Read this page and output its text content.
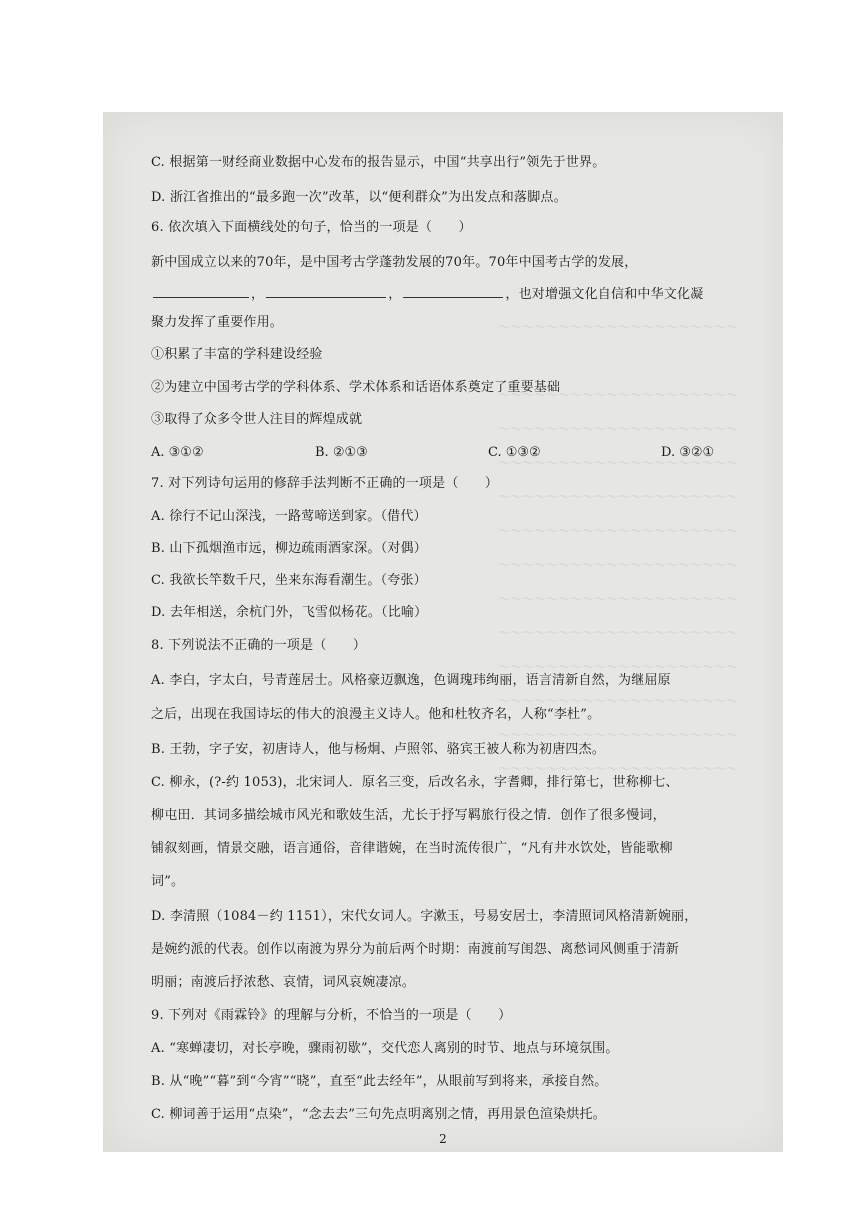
～～～～～～～～～～～～～～～～～～～～

～～～～～～～～～～～～～～～～～～～～
～～～～～～～～～～～～～～～～～～～～
～～～～～～～～～～～～～～～～～～～～
～～～～～～～～～～～～～～～～～～～～
～～～～～～～～～～～～～～～～～～～～
～～～～～～～～～～～～～～～～～～～～
～～～～～～～～～～～～～～～～～～～～
～～～～～～～～～～～～～～～～～～～～
～～～～～～～～～～～～～～～～～～～～
～～～～～～～～～～～～～～～～～～～～
～～～～～～～～～～～～～～～～～～～～
～～～～～～～～～～～～～～～～～～～～
C. 根据第一财经商业数据中心发布的报告显示，中国“共享出行”领先于世界。
D. 浙江省推出的“最多跑一次”改革，以“便利群众”为出发点和落脚点。
6. 依次填入下面横线处的句子，恰当的一项是（　　）
新中国成立以来的70年，是中国考古学蓬勃发展的70年。70年中国考古学的发展，
，	，	，也对增强文化自信和中华文化凝
聚力发挥了重要作用。
①积累了丰富的学科建设经验
②为建立中国考古学的学科体系、学术体系和话语体系奠定了重要基础
③取得了众多令世人注目的辉煌成就
A. ③①②	B. ②①③	C. ①③②	D. ③②①
7. 对下列诗句运用的修辞手法判断不正确的一项是（　　）
A. 徐行不记山深浅，一路莺啼送到家。（借代）
B. 山下孤烟渔市远，柳边疏雨酒家深。（对偶）
C. 我欲长竿数千尺，坐来东海看潮生。（夸张）
D. 去年相送，余杭门外，飞雪似杨花。（比喻）
8. 下列说法不正确的一项是（　　）
A. 李白，字太白，号青莲居士。风格豪迈飘逸，色调瑰玮绚丽，语言清新自然，为继屈原
之后，出现在我国诗坛的伟大的浪漫主义诗人。他和杜牧齐名，人称“李杜”。
B. 王勃，字子安，初唐诗人，他与杨炯、卢照邻、骆宾王被人称为初唐四杰。
C. 柳永，(?-约 1053)，北宋词人．原名三变，后改名永，字耆卿，排行第七，世称柳七、
柳屯田．其词多描绘城市风光和歌妓生活，尤长于抒写羁旅行役之情．创作了很多慢词，
铺叙刻画，情景交融，语言通俗，音律谐婉，在当时流传很广，“凡有井水饮处，皆能歌柳
词”。
D. 李清照（1084－约 1151），宋代女词人。字漱玉，号易安居士，李清照词风格清新婉丽，
是婉约派的代表。创作以南渡为界分为前后两个时期：南渡前写闺怨、离愁词风侧重于清新
明丽；南渡后抒浓愁、哀情，词风哀婉凄凉。
9. 下列对《雨霖铃》的理解与分析，不恰当的一项是（　　）
A. “寒蝉凄切，对长亭晚，骤雨初歇”，交代恋人离别的时节、地点与环境氛围。
B. 从“晚”“暮”到“今宵”“晓”，直至“此去经年”，从眼前写到将来，承接自然。
C. 柳词善于运用“点染”，“念去去”三句先点明离别之情，再用景色渲染烘托。
2
